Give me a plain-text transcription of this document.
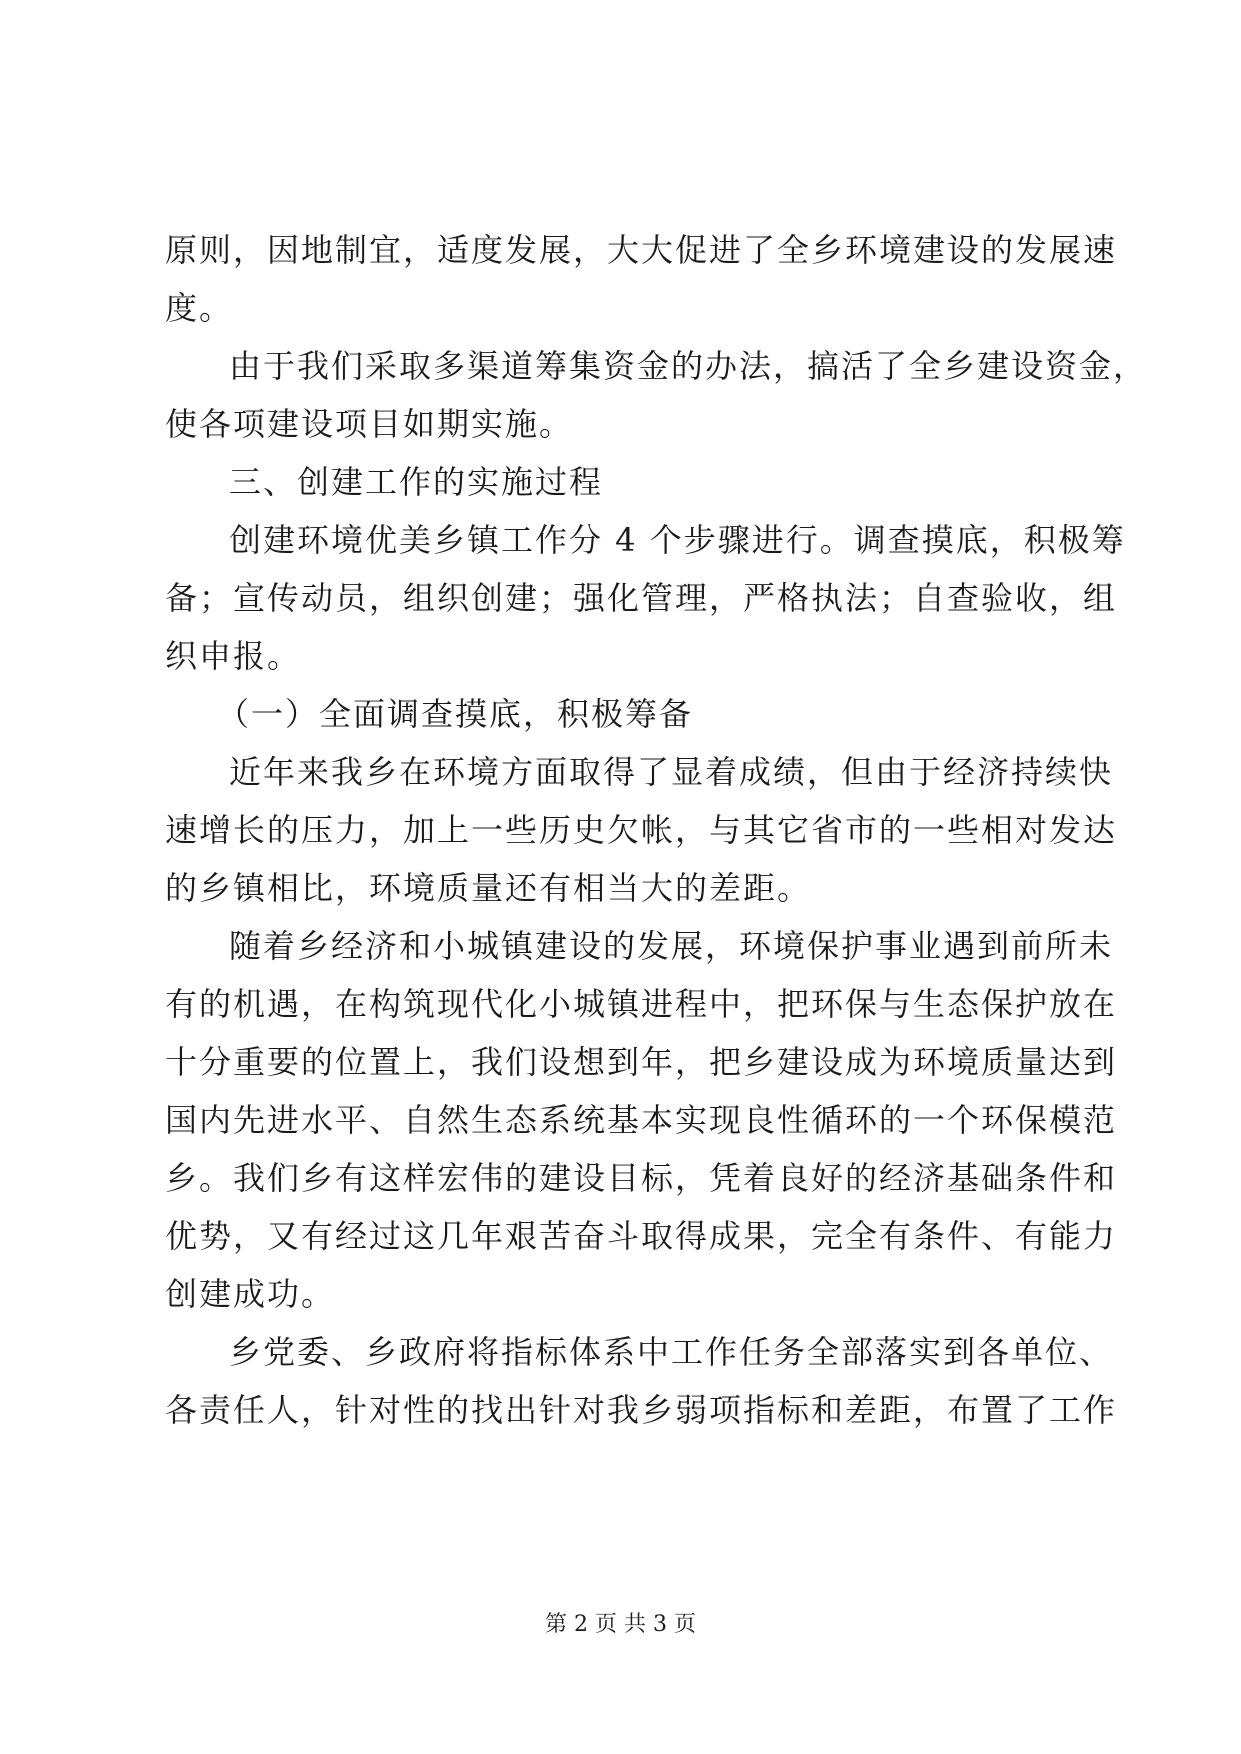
原则，因地制宜，适度发展，大大促进了全乡环境建设的发展速
度。
由于我们采取多渠道筹集资金的办法，搞活了全乡建设资金，
使各项建设项目如期实施。
三、创建工作的实施过程
创建环境优美乡镇工作分 4 个步骤进行。调查摸底，积极筹
备；宣传动员，组织创建；强化管理，严格执法；自查验收，组
织申报。
（一）全面调查摸底，积极筹备
近年来我乡在环境方面取得了显着成绩，但由于经济持续快
速增长的压力，加上一些历史欠帐，与其它省市的一些相对发达
的乡镇相比，环境质量还有相当大的差距。
随着乡经济和小城镇建设的发展，环境保护事业遇到前所未
有的机遇，在构筑现代化小城镇进程中，把环保与生态保护放在
十分重要的位置上，我们设想到年，把乡建设成为环境质量达到
国内先进水平、自然生态系统基本实现良性循环的一个环保模范
乡。我们乡有这样宏伟的建设目标，凭着良好的经济基础条件和
优势，又有经过这几年艰苦奋斗取得成果，完全有条件、有能力
创建成功。
乡党委、乡政府将指标体系中工作任务全部落实到各单位、
各责任人，针对性的找出针对我乡弱项指标和差距，布置了工作
第 2 页 共 3 页
